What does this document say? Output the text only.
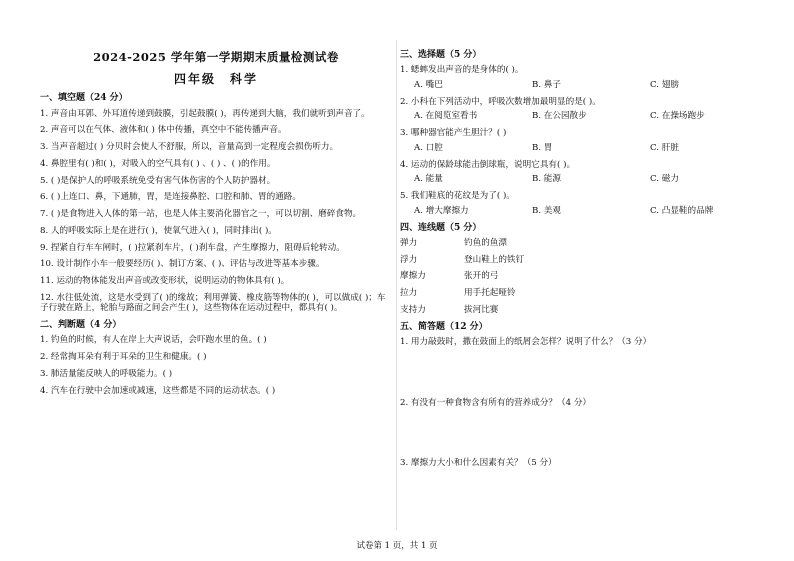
2024-2025 学年第一学期期末质量检测试卷
四年级　科学
一、填空题（24 分）
1. 声音由耳郭、外耳道传递到鼓膜，引起鼓膜( )，再传递到大脑，我们就听到声音了。
2. 声音可以在气体、液体和( ) 体中传播，真空中不能传播声音。
3. 当声音超过( ) 分贝时会使人不舒服，所以，音量高到一定程度会损伤听力。
4. 鼻腔里有( )和( )，对吸入的空气具有( ) 、( ) 、( )的作用。
5. ( )是保护人的呼吸系统免受有害气体伤害的个人防护器材。
6. ( )上连口、鼻，下通肺，胃，是连接鼻腔、口腔和肺、胃的通路。
7. ( )是食物进入人体的第一站，也是人体主要消化器官之一，可以切割、磨碎食物。
8. 人的呼吸实际上是在进行( )，使氧气进入( )，同时排出( )。
9. 捏紧自行车车闸时，( )拉紧刹车片，( )刹车盘，产生摩擦力，阻碍后轮转动。
10. 设计制作小车一般要经历( )、制订方案、( )、评估与改进等基本步骤。
11. 运动的物体能发出声音或改变形状，说明运动的物体具有( )。
12. 水往低处流，这是水受到了( )的缘故；利用弹簧、橡皮筋等物体的( )，可以做成( )；车子行驶在路上，轮胎与路面之间会产生( )，这些物体在运动过程中，都具有( )。
二、判断题（4 分）
1. 钓鱼的时候，有人在岸上大声说话，会吓跑水里的鱼。( )
2. 经常掏耳朵有利于耳朵的卫生和健康。( )
3. 肺活量能反映人的呼吸能力。( )
4. 汽车在行驶中会加速或减速，这些都是不同的运动状态。( )
三、选择题（5 分）
1. 蟋蟀发出声音的是身体的( )。
A. 嘴巴	B. 鼻子	C. 翅膀
2. 小科在下列活动中，呼吸次数增加最明显的是( )。
A. 在阅览室看书	B. 在公园散步	C. 在操场跑步
3. 哪种器官能产生胆汁？( )
A. 口腔	B. 胃	C. 肝脏
4. 运动的保龄球能击倒球瓶，说明它具有( )。
A. 能量	B. 能源	C. 磁力
5. 我们鞋底的花纹是为了( )。
A. 增大摩擦力	B. 美观	C. 凸显鞋的品牌
四、连线题（5 分）
弹力	钓鱼的鱼漂
浮力	登山鞋上的铁钉
摩擦力	张开的弓
拉力	用手托起哑铃
支持力	拔河比赛
五、简答题（12 分）
1. 用力敲鼓时，撒在鼓面上的纸屑会怎样？说明了什么？（3 分）
2. 有没有一种食物含有所有的营养成分？（4 分）
3. 摩擦力大小和什么因素有关？（5 分）
试卷第 1 页，共 1 页
